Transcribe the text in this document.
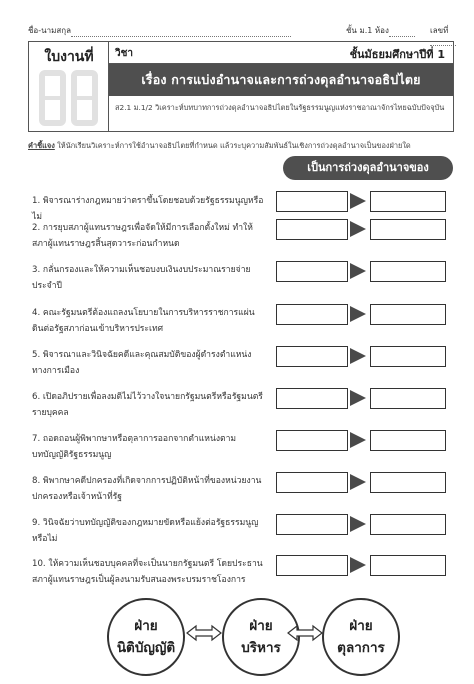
ชื่อ-นามสกุล	ชั้น ม.1 ห้อง	เลขที่
ใบงานที่	วิชา	ชั้นมัธยมศึกษาปีที่ 1
เรื่อง การแบ่งอำนาจและการถ่วงดุลอำนาจอธิปไตย
ส2.1 ม.1/2 วิเคราะห์บทบาทการถ่วงดุลอำนาจอธิปไตยในรัฐธรรมนูญแห่งราชอาณาจักรไทยฉบับปัจจุบัน
คำชี้แจง ให้นักเรียนวิเคราะห์การใช้อำนาจอธิปไตยที่กำหนด แล้วระบุความสัมพันธ์ในเชิงการถ่วงดุลอำนาจเป็นของฝ่ายใด
เป็นการถ่วงดุลอำนาจของ
1. พิจารณาร่างกฎหมายว่าตราขึ้นโดยชอบด้วยรัฐธรรมนูญหรือไม่
2. การยุบสภาผู้แทนราษฎรเพื่อจัดให้มีการเลือกตั้งใหม่ ทำให้สภาผู้แทนราษฎรสิ้นสุดวาระก่อนกำหนด
3. กลั่นกรองและให้ความเห็นชอบงบเงินงบประมาณรายจ่ายประจำปี
4. คณะรัฐมนตรีต้องแถลงนโยบายในการบริหารราชการแผ่นดินต่อรัฐสภาก่อนเข้าบริหารประเทศ
5. พิจารณาและวินิจฉัยคดีและคุณสมบัติของผู้ดำรงตำแหน่งทางการเมือง
6. เปิดอภิปรายเพื่อลงมติไม่ไว้วางใจนายกรัฐมนตรีหรือรัฐมนตรีรายบุคคล
7. ถอดถอนผู้พิพากษาหรือตุลาการออกจากตำแหน่งตามบทบัญญัติรัฐธรรมนูญ
8. พิพากษาคดีปกครองที่เกิดจากการปฏิบัติหน้าที่ของหน่วยงานปกครองหรือเจ้าหน้าที่รัฐ
9. วินิจฉัยว่าบทบัญญัติของกฎหมายขัดหรือแย้งต่อรัฐธรรมนูญหรือไม่
10. ให้ความเห็นชอบบุคคลที่จะเป็นนายกรัฐมนตรี โดยประธานสภาผู้แทนราษฎรเป็นผู้ลงนามรับสนองพระบรมราชโองการ
ฝ่าย
นิติบัญญัติ
ฝ่าย
บริหาร
ฝ่าย
ตุลาการ
